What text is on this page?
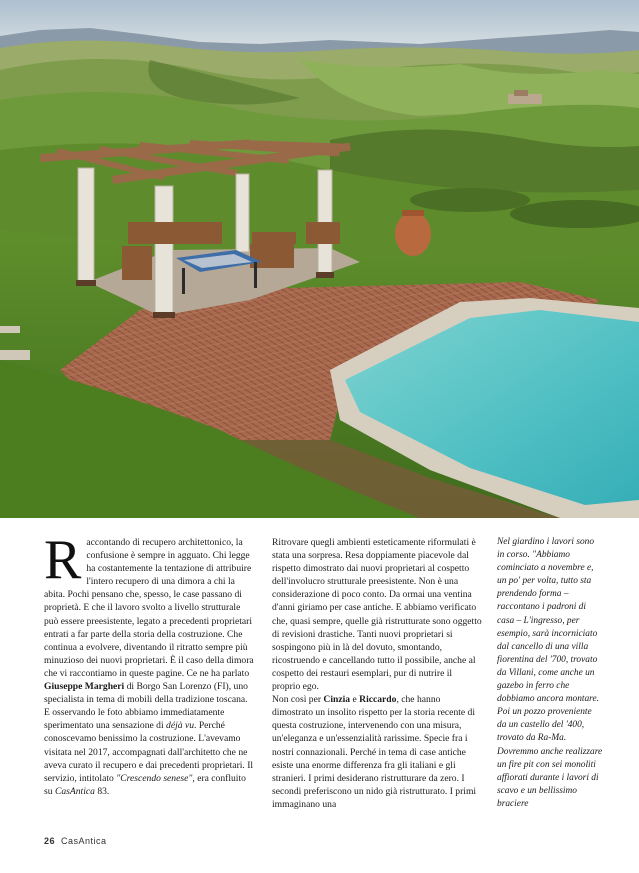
R accontando di recupero architettonico, la confusione è sempre in agguato. Chi legge ha costantemente la tentazione di attribuire l'intero recupero di una dimora a chi la abita. Pochi pensano che, spesso, le case passano di proprietà. E che il lavoro svolto a livello strutturale può essere preesistente, legato a precedenti proprietari entrati a far parte della storia della costruzione. Che continua a evolvere, diventando il ritratto sempre più minuzioso dei nuovi proprietari. È il caso della dimora che vi raccontiamo in queste pagine. Ce ne ha parlato Giuseppe Margheri di Borgo San Lorenzo (FI), uno specialista in tema di mobili della tradizione toscana. E osservando le foto abbiamo immediatamente sperimentato una sensazione di déjà vu. Perché conoscevamo benissimo la costruzione. L'avevamo visitata nel 2017, accompagnati dall'architetto che ne aveva curato il recupero e dai precedenti proprietari. Il servizio, intitolato "Crescendo senese", era confluito su CasAntica 83.

Ritrovare quegli ambienti esteticamente riformulati è stata una sorpresa. Resa doppiamente piacevole dal rispetto dimostrato dai nuovi proprietari al cospetto dell'involucro strutturale preesistente. Non è una considerazione di poco conto. Da ormai una ventina d'anni giriamo per case antiche. E abbiamo verificato che, quasi sempre, quelle già ristrutturate sono oggetto di revisioni drastiche. Tanti nuovi proprietari si sospingono più in là del dovuto, smontando, ricostruendo e cancellando tutto il possibile, anche al cospetto dei restauri esemplari, pur di nutrire il proprio ego.

Non così per Cinzia e Riccardo, che hanno dimostrato un insolito rispetto per la storia recente di questa costruzione, intervenendo con una misura, un'eleganza e un'essenzialità rarissime. Specie fra i nostri connazionali. Perché in tema di case antiche esiste una enorme differenza fra gli italiani e gli stranieri. I primi desiderano ristrutturare da zero. I secondi preferiscono un nido già ristrutturato. I primi immaginano una

Nel giardino i lavori sono in corso. "Abbiamo cominciato a novembre e, un po' per volta, tutto sta prendendo forma – raccontano i padroni di casa – L'ingresso, per esempio, sarà incorniciato dal cancello di una villa fiorentina del '700, trovato da Villani, come anche un gazebo in ferro che dobbiamo ancora montare. Poi un pozzo proveniente da un castello del '400, trovato da Ra-Ma. Dovremmo anche realizzare un fire pit con sei monoliti affiorati durante i lavori di scavo e un bellissimo braciere

26 CasAntica
